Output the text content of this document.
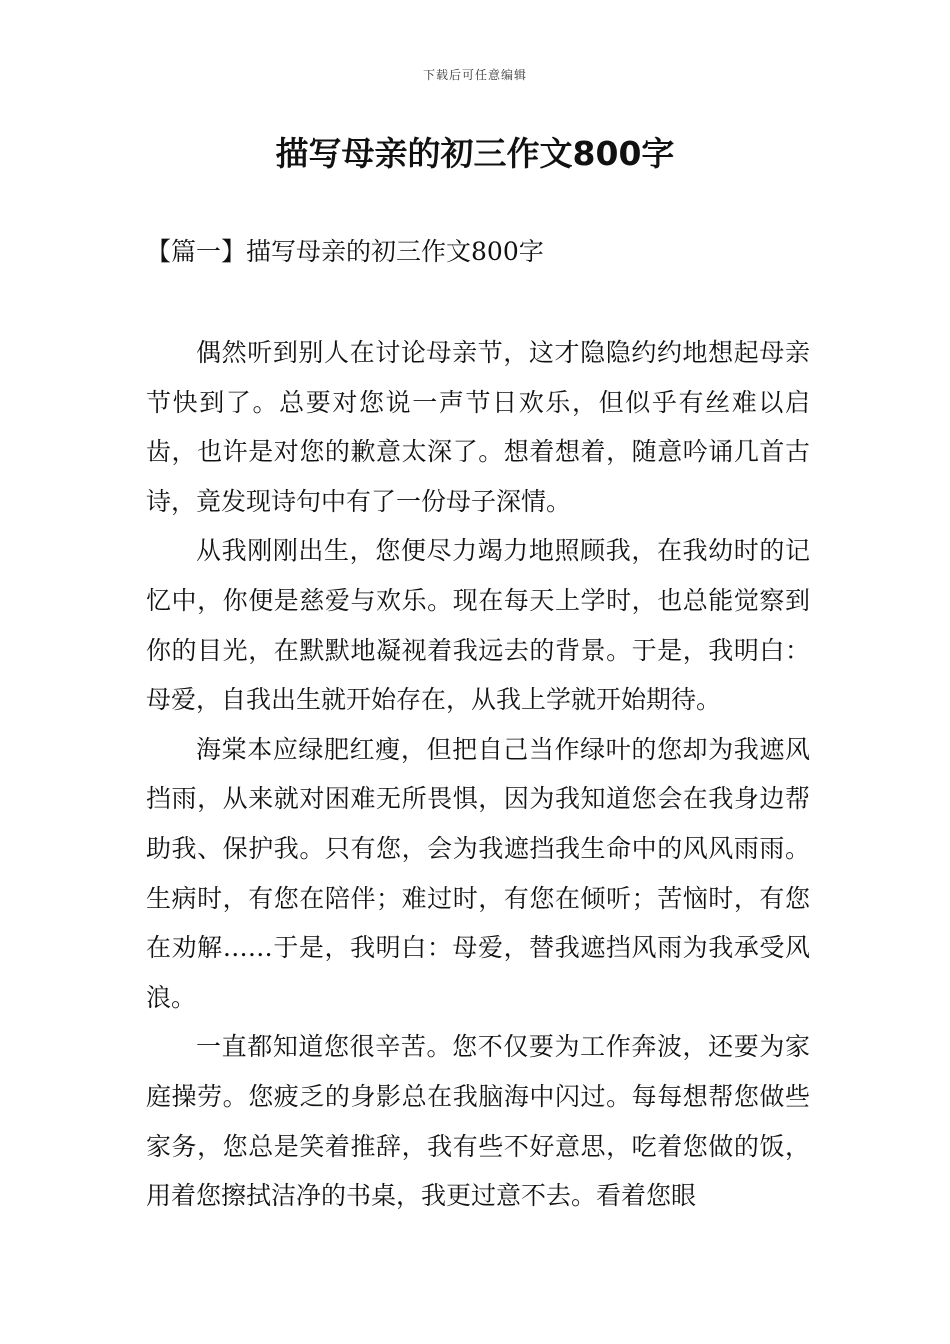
下载后可任意编辑
描写母亲的初三作文800字
【篇一】描写母亲的初三作文800字

偶然听到别人在讨论母亲节，这才隐隐约约地想起母亲节快到了。总要对您说一声节日欢乐，但似乎有丝难以启齿，也许是对您的歉意太深了。想着想着，随意吟诵几首古诗，竟发现诗句中有了一份母子深情。

从我刚刚出生，您便尽力竭力地照顾我，在我幼时的记忆中，你便是慈爱与欢乐。现在每天上学时，也总能觉察到你的目光，在默默地凝视着我远去的背景。于是，我明白：母爱，自我出生就开始存在，从我上学就开始期待。

海棠本应绿肥红瘦，但把自己当作绿叶的您却为我遮风挡雨，从来就对困难无所畏惧，因为我知道您会在我身边帮助我、保护我。只有您，会为我遮挡我生命中的风风雨雨。生病时，有您在陪伴；难过时，有您在倾听；苦恼时，有您在劝解……于是，我明白：母爱，替我遮挡风雨为我承受风浪。

一直都知道您很辛苦。您不仅要为工作奔波，还要为家庭操劳。您疲乏的身影总在我脑海中闪过。每每想帮您做些家务，您总是笑着推辞，我有些不好意思，吃着您做的饭，用着您擦拭洁净的书桌，我更过意不去。看着您眼
